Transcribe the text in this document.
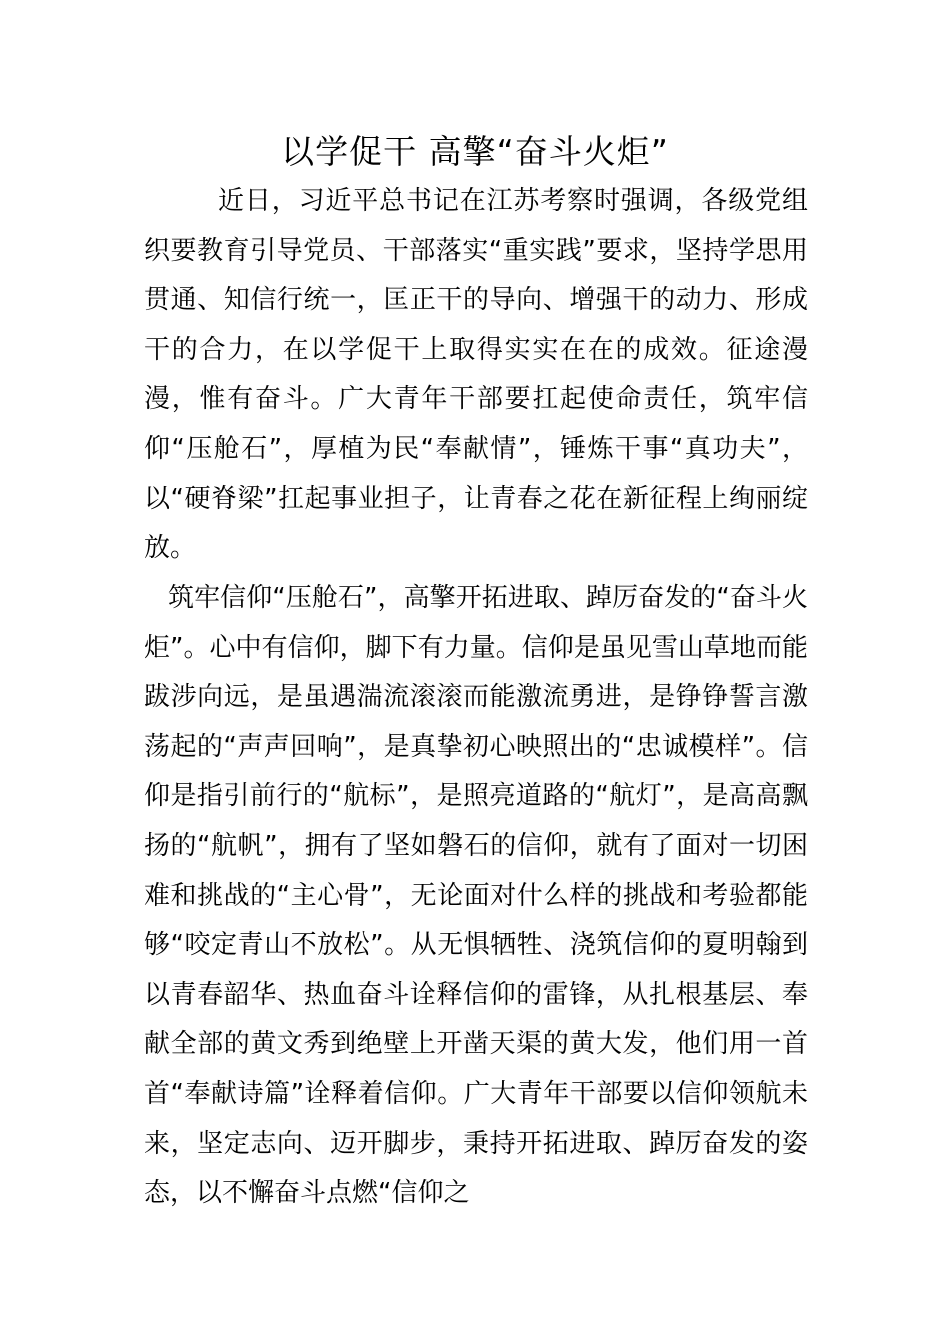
以学促干 高擎“奋斗火炬”
近日，习近平总书记在江苏考察时强调，各级党组织要教育引导党员、干部落实“重实践”要求，坚持学思用贯通、知信行统一，匡正干的导向、增强干的动力、形成干的合力，在以学促干上取得实实在在的成效。征途漫漫，惟有奋斗。广大青年干部要扛起使命责任，筑牢信仰“压舱石”，厚植为民“奉献情”，锤炼干事“真功夫”，以“硬脊梁”扛起事业担子，让青春之花在新征程上绚丽绽放。
筑牢信仰“压舱石”，高擎开拓进取、踔厉奋发的“奋斗火炬”。心中有信仰，脚下有力量。信仰是虽见雪山草地而能跋涉向远，是虽遇湍流滚滚而能激流勇进，是铮铮誓言激荡起的“声声回响”，是真挚初心映照出的“忠诚模样”。信仰是指引前行的“航标”，是照亮道路的“航灯”，是高高飘扬的“航帆”，拥有了坚如磐石的信仰，就有了面对一切困难和挑战的“主心骨”，无论面对什么样的挑战和考验都能够“咬定青山不放松”。从无惧牺牲、浇筑信仰的夏明翰到以青春韶华、热血奋斗诠释信仰的雷锋，从扎根基层、奉献全部的黄文秀到绝壁上开凿天渠的黄大发，他们用一首首“奉献诗篇”诠释着信仰。广大青年干部要以信仰领航未来，坚定志向、迈开脚步，秉持开拓进取、踔厉奋发的姿态，以不懈奋斗点燃“信仰之
